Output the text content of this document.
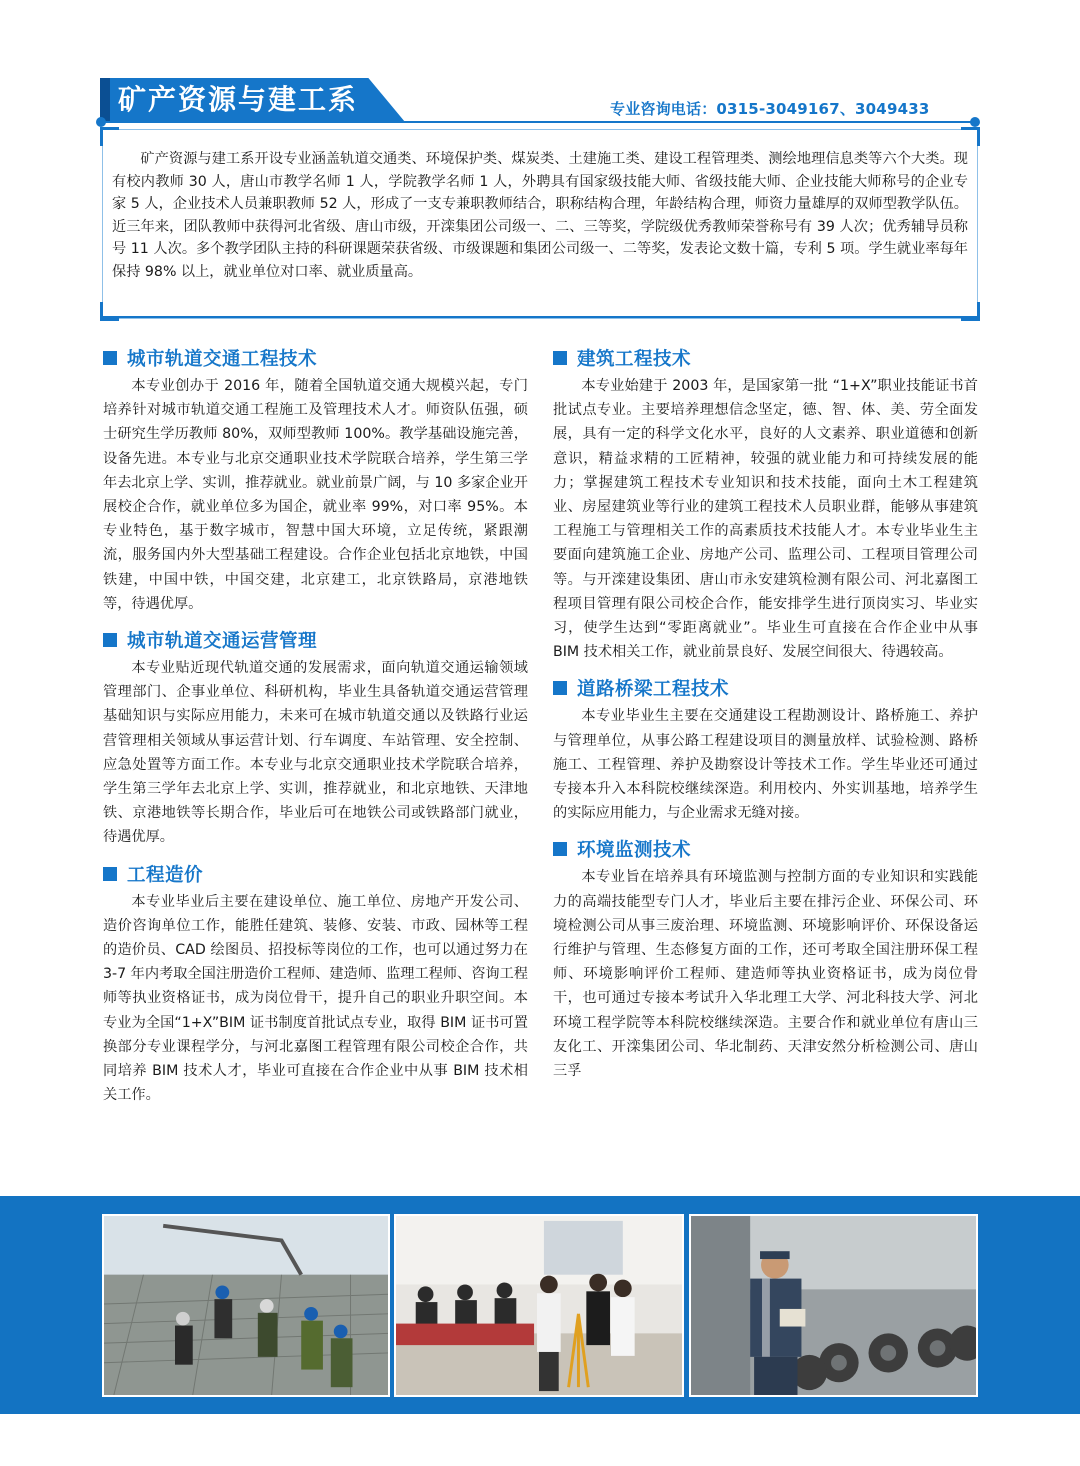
矿产资源与建工系	专业咨询电话：0315-3049167、3049433

矿产资源与建工系开设专业涵盖轨道交通类、环境保护类、煤炭类、土建施工类、建设工程管理类、测绘地理信息类等六个大类。现有校内教师 30 人，唐山市教学名师 1 人，学院教学名师 1 人，外聘具有国家级技能大师、省级技能大师、企业技能大师称号的企业专家 5 人，企业技术人员兼职教师 52 人，形成了一支专兼职教师结合，职称结构合理，年龄结构合理，师资力量雄厚的双师型教学队伍。近三年来，团队教师中获得河北省级、唐山市级，开滦集团公司级一、二、三等奖，学院级优秀教师荣誉称号有 39 人次；优秀辅导员称号 11 人次。多个教学团队主持的科研课题荣获省级、市级课题和集团公司级一、二等奖，发表论文数十篇，专利 5 项。学生就业率每年保持 98% 以上，就业单位对口率、就业质量高。

城市轨道交通工程技术

本专业创办于 2016 年，随着全国轨道交通大规模兴起，专门培养针对城市轨道交通工程施工及管理技术人才。师资队伍强，硕士研究生学历教师 80%，双师型教师 100%。教学基础设施完善，设备先进。本专业与北京交通职业技术学院联合培养，学生第三学年去北京上学、实训，推荐就业。就业前景广阔，与 10 多家企业开展校企合作，就业单位多为国企，就业率 99%，对口率 95%。本专业特色，基于数字城市，智慧中国大环境，立足传统，紧跟潮流，服务国内外大型基础工程建设。合作企业包括北京地铁，中国铁建，中国中铁，中国交建，北京建工，北京铁路局，京港地铁等，待遇优厚。

城市轨道交通运营管理

本专业贴近现代轨道交通的发展需求，面向轨道交通运输领域管理部门、企事业单位、科研机构，毕业生具备轨道交通运营管理基础知识与实际应用能力，未来可在城市轨道交通以及铁路行业运营管理相关领域从事运营计划、行车调度、车站管理、安全控制、应急处置等方面工作。本专业与北京交通职业技术学院联合培养，学生第三学年去北京上学、实训，推荐就业，和北京地铁、天津地铁、京港地铁等长期合作，毕业后可在地铁公司或铁路部门就业，待遇优厚。

工程造价

本专业毕业后主要在建设单位、施工单位、房地产开发公司、造价咨询单位工作，能胜任建筑、装修、安装、市政、园林等工程的造价员、CAD 绘图员、招投标等岗位的工作，也可以通过努力在 3-7 年内考取全国注册造价工程师、建造师、监理工程师、咨询工程师等执业资格证书，成为岗位骨干，提升自己的职业升职空间。本专业为全国“1+X”BIM 证书制度首批试点专业，取得 BIM 证书可置换部分专业课程学分，与河北嘉图工程管理有限公司校企合作，共同培养 BIM 技术人才，毕业可直接在合作企业中从事 BIM 技术相关工作。

建筑工程技术

本专业始建于 2003 年，是国家第一批 “1+X”职业技能证书首批试点专业。主要培养理想信念坚定，德、智、体、美、劳全面发展，具有一定的科学文化水平，良好的人文素养、职业道德和创新意识，精益求精的工匠精神，较强的就业能力和可持续发展的能力；掌握建筑工程技术专业知识和技术技能，面向土木工程建筑业、房屋建筑业等行业的建筑工程技术人员职业群，能够从事建筑工程施工与管理相关工作的高素质技术技能人才。本专业毕业生主要面向建筑施工企业、房地产公司、监理公司、工程项目管理公司等。与开滦建设集团、唐山市永安建筑检测有限公司、河北嘉图工程项目管理有限公司校企合作，能安排学生进行顶岗实习、毕业实习，使学生达到“零距离就业”。毕业生可直接在合作企业中从事 BIM 技术相关工作，就业前景良好、发展空间很大、待遇较高。

道路桥梁工程技术

本专业毕业生主要在交通建设工程勘测设计、路桥施工、养护与管理单位，从事公路工程建设项目的测量放样、试验检测、路桥施工、工程管理、养护及勘察设计等技术工作。学生毕业还可通过专接本升入本科院校继续深造。利用校内、外实训基地，培养学生的实际应用能力，与企业需求无缝对接。

环境监测技术

本专业旨在培养具有环境监测与控制方面的专业知识和实践能力的高端技能型专门人才，毕业后主要在排污企业、环保公司、环境检测公司从事三废治理、环境监测、环境影响评价、环保设备运行维护与管理、生态修复方面的工作，还可考取全国注册环保工程师、环境影响评价工程师、建造师等执业资格证书，成为岗位骨干，也可通过专接本考试升入华北理工大学、河北科技大学、河北环境工程学院等本科院校继续深造。主要合作和就业单位有唐山三友化工、开滦集团公司、华北制药、天津安然分析检测公司、唐山三孚
